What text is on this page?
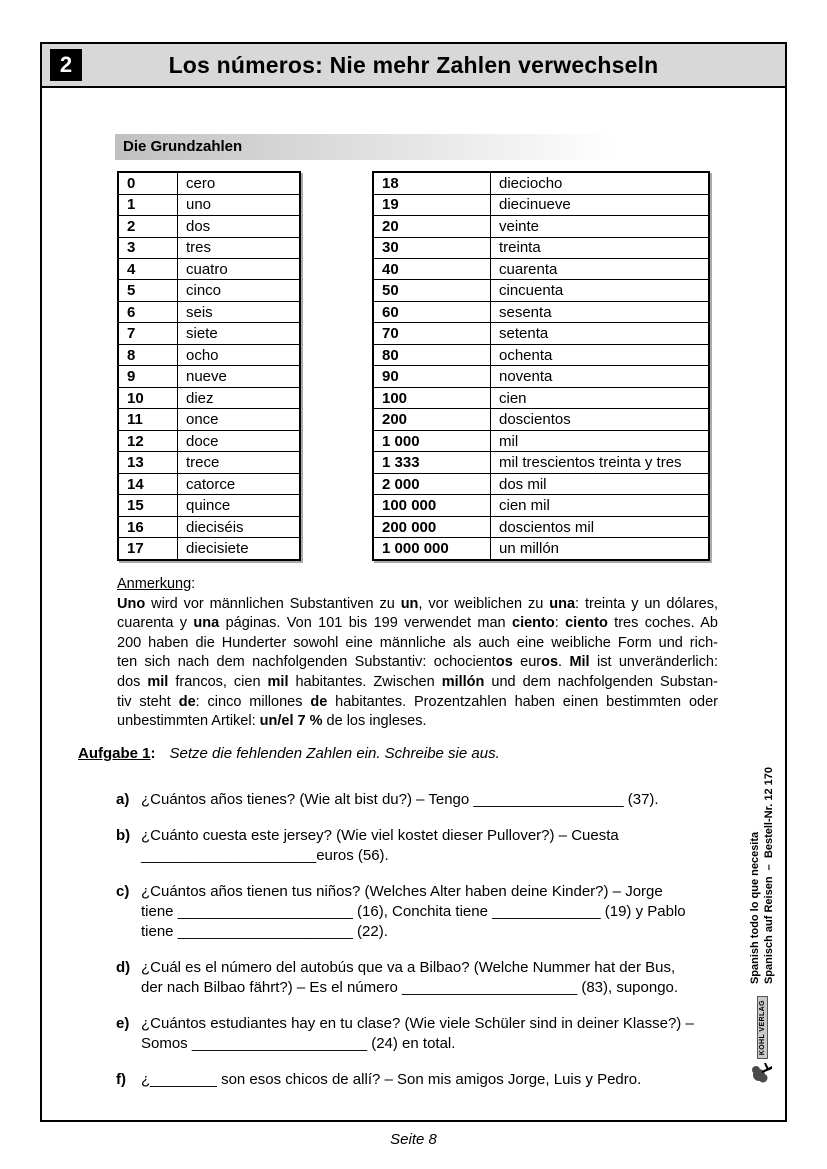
2	Los números: Nie mehr Zahlen verwechseln
Die Grundzahlen
0	cero
1	uno
2	dos
3	tres
4	cuatro
5	cinco
6	seis
7	siete
8	ocho
9	nueve
10	diez
11	once
12	doce
13	trece
14	catorce
15	quince
16	dieciséis
17	diecisiete
18	dieciocho
19	diecinueve
20	veinte
30	treinta
40	cuarenta
50	cincuenta
60	sesenta
70	setenta
80	ochenta
90	noventa
100	cien
200	doscientos
1 000	mil
1 333	mil trescientos treinta y tres
2 000	dos mil
100 000	cien mil
200 000	doscientos mil
1 000 000	un millón
Anmerkung:
Uno wird vor männlichen Substantiven zu un, vor weiblichen zu una: treinta y un dólares,
cuarenta y una páginas. Von 101 bis 199 verwendet man ciento: ciento tres coches. Ab
200 haben die Hunderter sowohl eine männliche als auch eine weibliche Form und rich-
ten sich nach dem nachfolgenden Substantiv: ochocientos euros. Mil ist unveränderlich:
dos mil francos, cien mil habitantes. Zwischen millón und dem nachfolgenden Substan-
tiv steht de: cinco millones de habitantes. Prozentzahlen haben einen bestimmten oder
unbestimmten Artikel: un/el 7 % de los ingleses.
Aufgabe 1: Setze die fehlenden Zahlen ein. Schreibe sie aus.
a) ¿Cuántos años tienes? (Wie alt bist du?) – Tengo __________________ (37).
b) ¿Cuánto cuesta este jersey? (Wie viel kostet dieser Pullover?) – Cuesta
_____________________euros (56).
c) ¿Cuántos años tienen tus niños? (Welches Alter haben deine Kinder?) – Jorge
tiene _____________________ (16), Conchita tiene _____________ (19) y Pablo
tiene _____________________ (22).
d) ¿Cuál es el número del autobús que va a Bilbao? (Welche Nummer hat der Bus,
der nach Bilbao fährt?) – Es el número _____________________ (83), supongo.
e) ¿Cuántos estudiantes hay en tu clase? (Wie viele Schüler sind in deiner Klasse?) –
Somos _____________________ (24) en total.
f)	¿________ son esos chicos de allí? – Son mis amigos Jorge, Luis y Pedro.
KOHL VERLAG
Spanish todo lo que necesita Spanisch auf Reisen  –  Bestell-Nr. 12 170
Seite 8
